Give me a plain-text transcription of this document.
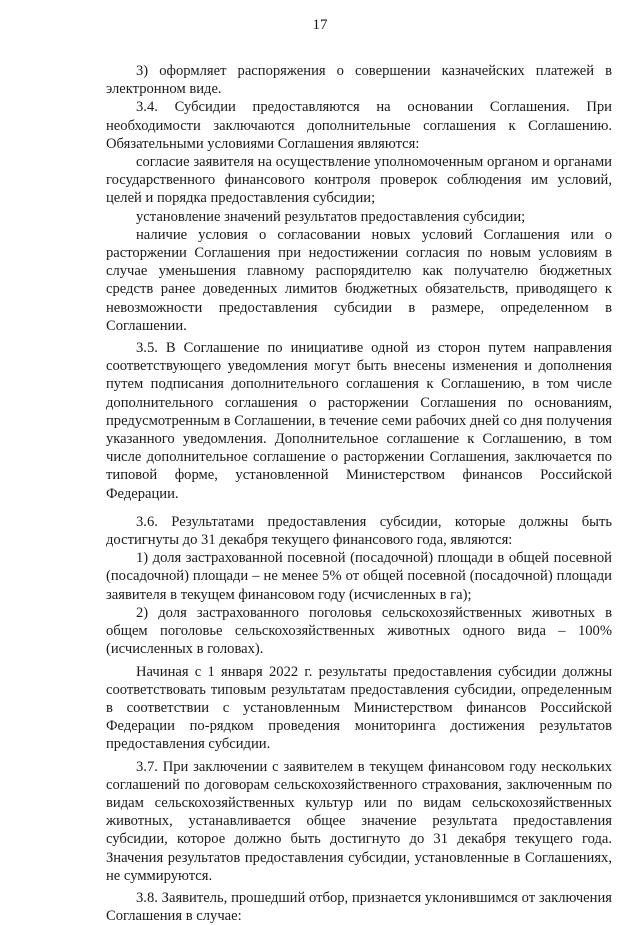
17

3) оформляет распоряжения о совершении казначейских платежей в электронном виде.

3.4. Субсидии предоставляются на основании Соглашения. При необходимости заключаются дополнительные соглашения к Соглашению. Обязательными условиями Соглашения являются:

согласие заявителя на осуществление уполномоченным органом и органами государственного финансового контроля проверок соблюдения им условий, целей и порядка предоставления субсидии;

установление значений результатов предоставления субсидии;

наличие условия о согласовании новых условий Соглашения или о расторжении Соглашения при недостижении согласия по новым условиям в случае уменьшения главному распорядителю как получателю бюджетных средств ранее доведенных лимитов бюджетных обязательств, приводящего к невозможности предоставления субсидии в размере, определенном в Соглашении.

3.5. В Соглашение по инициативе одной из сторон путем направления соответствующего уведомления могут быть внесены изменения и дополнения путем подписания дополнительного соглашения к Соглашению, в том числе дополнительного соглашения о расторжении Соглашения по основаниям, предусмотренным в Соглашении, в течение семи рабочих дней со дня получения указанного уведомления. Дополнительное соглашение к Соглашению, в том числе дополнительное соглашение о расторжении Соглашения, заключается по типовой форме, установленной Министерством финансов Российской Федерации.

3.6. Результатами предоставления субсидии, которые должны быть достигнуты до 31 декабря текущего финансового года, являются:

1) доля застрахованной посевной (посадочной) площади в общей посевной (посадочной) площади – не менее 5% от общей посевной (посадочной) площади заявителя в текущем финансовом году (исчисленных в га);

2) доля застрахованного поголовья сельскохозяйственных животных в общем поголовье сельскохозяйственных животных одного вида – 100% (исчисленных в головах).

Начиная с 1 января 2022 г. результаты предоставления субсидии должны соответствовать типовым результатам предоставления субсидии, определенным в соответствии с установленным Министерством финансов Российской Федерации по-рядком проведения мониторинга достижения результатов предоставления субсидии.

3.7. При заключении с заявителем в текущем финансовом году нескольких соглашений по договорам сельскохозяйственного страхования, заключенным по видам сельскохозяйственных культур или по видам сельскохозяйственных животных, устанавливается общее значение результата предоставления субсидии, которое должно быть достигнуто до 31 декабря текущего года. Значения результатов предоставления субсидии, установленные в Соглашениях, не суммируются.

3.8. Заявитель, прошедший отбор, признается уклонившимся от заключения Соглашения в случае:
